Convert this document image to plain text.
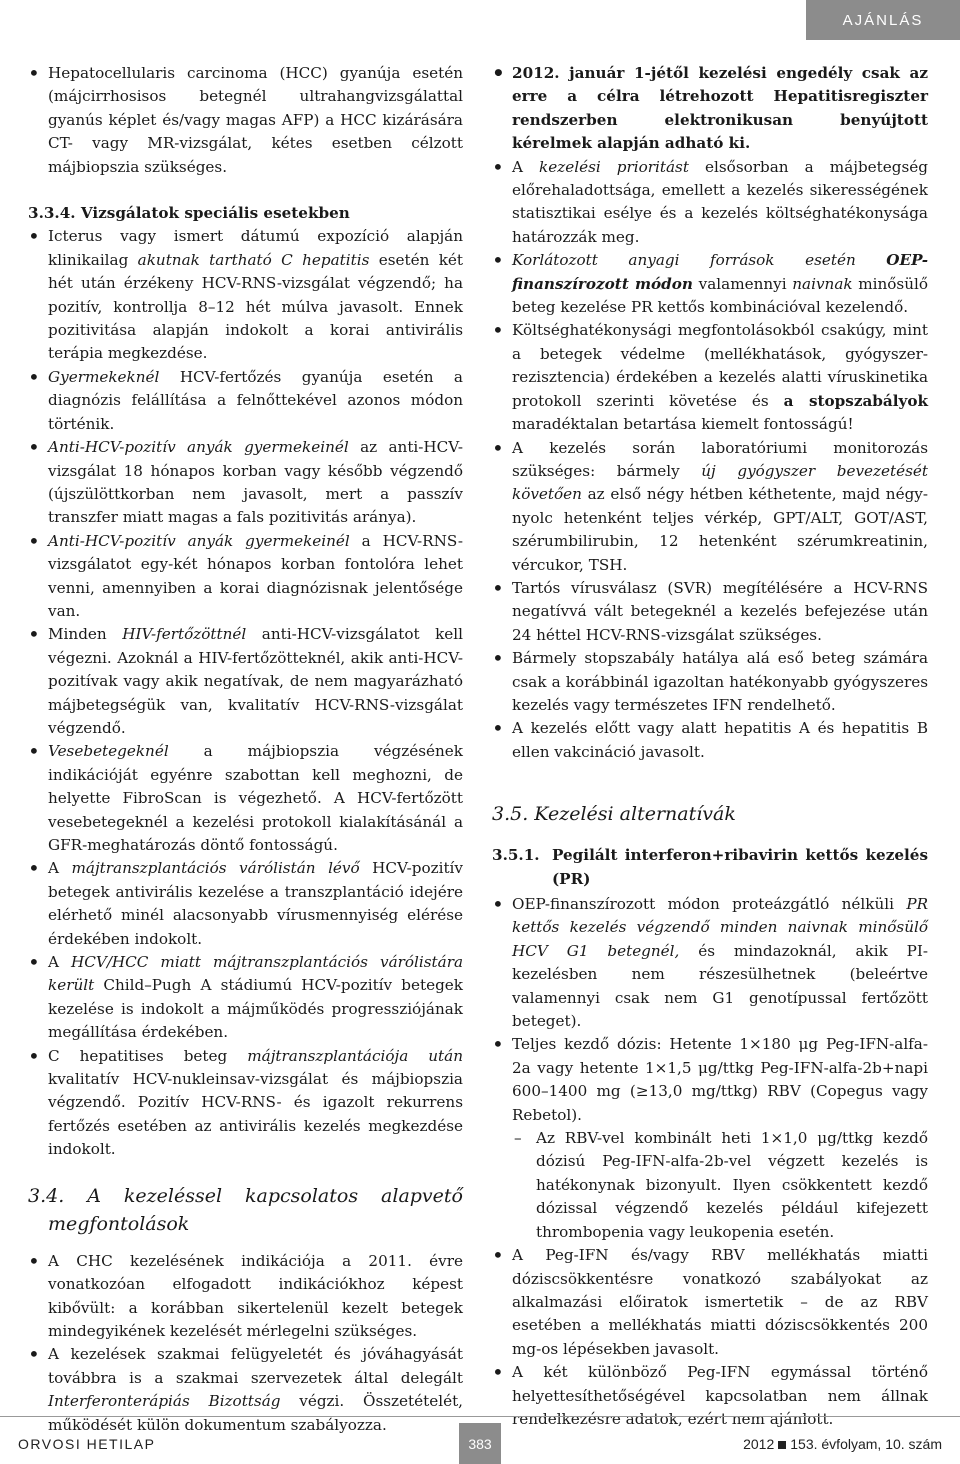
AJÁNLÁS
• Hepatocellularis carcinoma (HCC) gyanúja esetén (májcirrhosisos betegnél ultrahangvizsgálattal gyanús képlet és/vagy magas AFP) a HCC kizárására CT- vagy MR-vizsgálat, kétes esetben célzott májbiopszia szükséges.
3.3.4. Vizsgálatok speciális esetekben
• Icterus vagy ismert dátumú expozíció alapján klinikailag akutnak tartható C hepatitis esetén két hét után érzékeny HCV-RNS-vizsgálat végzendő; ha pozitív, kontrollja 8–12 hét múlva javasolt. Ennek pozitivitása alapján indokolt a korai antivirális terápia megkezdése.
• Gyermekeknél HCV-fertőzés gyanúja esetén a diagnózis felállítása a felnőttekével azonos módon történik.
• Anti-HCV-pozitív anyák gyermekeinél az anti-HCV-vizsgálat 18 hónapos korban vagy később végzendő (újszülöttkorban nem javasolt, mert a passzív transzfer miatt magas a fals pozitivitás aránya).
• Anti-HCV-pozitív anyák gyermekeinél a HCV-RNS-vizsgálatot egy-két hónapos korban fontolóra lehet venni, amennyiben a korai diagnózisnak jelentősége van.
• Minden HIV-fertőzöttnél anti-HCV-vizsgálatot kell végezni. Azoknál a HIV-fertőzötteknél, akik anti-HCV-pozitívak vagy akik negatívak, de nem magyarázható májbetegségük van, kvalitatív HCV-RNS-vizsgálat végzendő.
• Vesebetegeknél a májbiopszia végzésének indikációját egyénre szabottan kell meghozni, de helyette FibroScan is végezhető. A HCV-fertőzött vesebetegeknél a kezelési protokoll kialakításánál a GFR-meghatározás döntő fontosságú.
• A májtranszplantációs várólistán lévő HCV-pozitív betegek antivirális kezelése a transzplantáció idejére elérhető minél alacsonyabb vírusmennyiség elérése érdekében indokolt.
• A HCV/HCC miatt májtranszplantációs várólistára került Child–Pugh A stádiumú HCV-pozitív betegek kezelése is indokolt a májműködés progressziójának megállítása érdekében.
• C hepatitises beteg májtranszplantációja után kvalitatív HCV-nukleinsav-vizsgálat és májbiopszia végzendő. Pozitív HCV-RNS- és igazolt rekurrens fertőzés esetében az antivirális kezelés megkezdése indokolt.
3.4. A kezeléssel kapcsolatos alapvető megfontolások
• A CHC kezelésének indikációja a 2011. évre vonatkozóan elfogadott indikációkhoz képest kibővült: a korábban sikertelenül kezelt betegek mindegyikének kezelését mérlegelni szükséges.
• A kezelések szakmai felügyeletét és jóváhagyását továbbra is a szakmai szervezetek által delegált Interferonterápiás Bizottság végzi. Összetételét, működését külön dokumentum szabályozza.
• 2012. január 1-jétől kezelési engedély csak az erre a célra létrehozott Hepatitisregiszter rendszerben elektronikusan benyújtott kérelmek alapján adható ki.
• A kezelési prioritást elsősorban a májbetegség előrehaladottsága, emellett a kezelés sikerességének statisztikai esélye és a kezelés költséghatékonysága határozzák meg.
• Korlátozott anyagi források esetén OEP-finanszírozott módon valamennyi naivnak minősülő beteg kezelése PR kettős kombinációval kezelendő.
• Költséghatékonysági megfontolásokból csakúgy, mint a betegek védelme (mellékhatások, gyógyszer-rezisztencia) érdekében a kezelés alatti víruskinetika protokoll szerinti követése és a stopszabályok maradéktalan betartása kiemelt fontosságú!
• A kezelés során laboratóriumi monitorozás szükséges: bármely új gyógyszer bevezetését követően az első négy hétben kéthetente, majd négy-nyolc hetenként teljes vérkép, GPT/ALT, GOT/AST, szérumbilirubin, 12 hetenként szérumkreatinin, vércukor, TSH.
• Tartós vírusválasz (SVR) megítélésére a HCV-RNS negatívvá vált betegeknél a kezelés befejezése után 24 héttel HCV-RNS-vizsgálat szükséges.
• Bármely stopszabály hatálya alá eső beteg számára csak a korábbinál igazoltan hatékonyabb gyógyszeres kezelés vagy természetes IFN rendelhető.
• A kezelés előtt vagy alatt hepatitis A és hepatitis B ellen vakcináció javasolt.
3.5. Kezelési alternatívák
3.5.1. Pegilált interferon+ribavirin kettős kezelés (PR)
• OEP-finanszírozott módon proteázgátló nélküli PR kettős kezelés végzendő minden naivnak minősülő HCV G1 betegnél, és mindazoknál, akik PI-kezelésben nem részesülhetnek (beleértve valamennyi csak nem G1 genotípussal fertőzött beteget).
• Teljes kezdő dózis: Hetente 1×180 μg Peg-IFN-alfa-2a vagy hetente 1×1,5 μg/ttkg Peg-IFN-alfa-2b+napi 600–1400 mg (≥13,0 mg/ttkg) RBV (Copegus vagy Rebetol).
– Az RBV-vel kombinált heti 1×1,0 μg/ttkg kezdő dózisú Peg-IFN-alfa-2b-vel végzett kezelés is hatékonynak bizonyult. Ilyen csökkentett kezdő dózissal végzendő kezelés például kifejezett thrombopenia vagy leukopenia esetén.
• A Peg-IFN és/vagy RBV mellékhatás miatti dóziscsökkentésre vonatkozó szabályokat az alkalmazási előiratok ismertetik – de az RBV esetében a mellékhatás miatti dóziscsökkentés 200 mg-os lépésekben javasolt.
• A két különböző Peg-IFN egymással történő helyettesíthetőségével kapcsolatban nem állnak rendelkezésre adatok, ezért nem ajánlott.
ORVOSI HETILAP	383	2012 153. évfolyam, 10. szám
